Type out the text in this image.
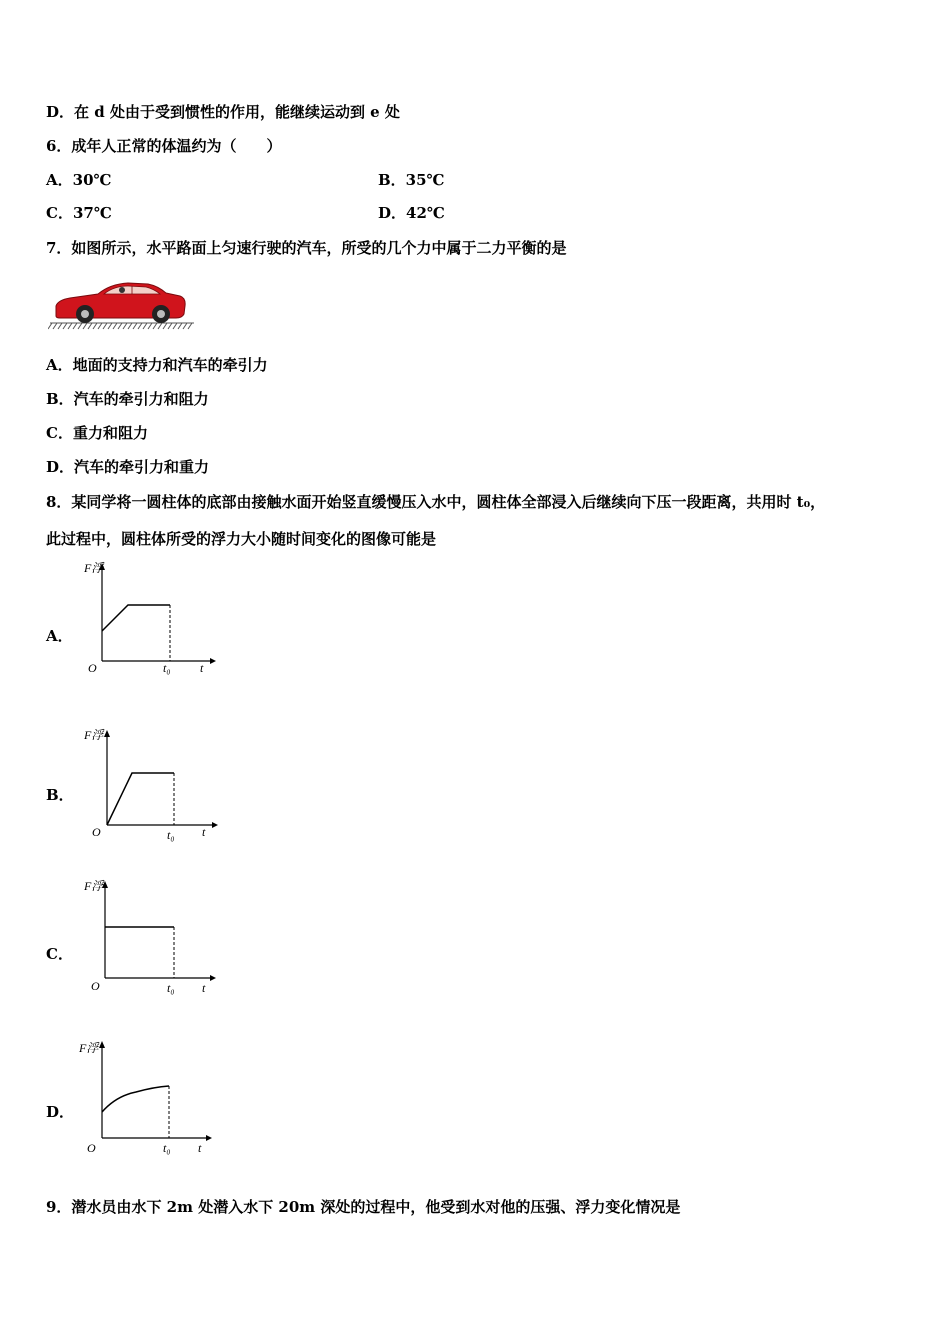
D．在 d 处由于受到惯性的作用，能继续运动到 e 处
6．成年人正常的体温约为（　　）
A．30℃	B．35℃
C．37℃	D．42℃
7．如图所示，水平路面上匀速行驶的汽车，所受的几个力中属于二力平衡的是
A．地面的支持力和汽车的牵引力
B．汽车的牵引力和阻力
C．重力和阻力
D．汽车的牵引力和重力
8．某同学将一圆柱体的底部由接触水面开始竖直缓慢压入水中，圆柱体全部浸入后继续向下压一段距离，共用时 t₀，
此过程中，圆柱体所受的浮力大小随时间变化的图像可能是
A．
F浮
O	t₀ t
B．
F浮
O	t₀ t
C．
F浮
O	t₀ t
D．
F浮
O	t₀ t
9．潜水员由水下 2m 处潜入水下 20m 深处的过程中，他受到水对他的压强、浮力变化情况是
